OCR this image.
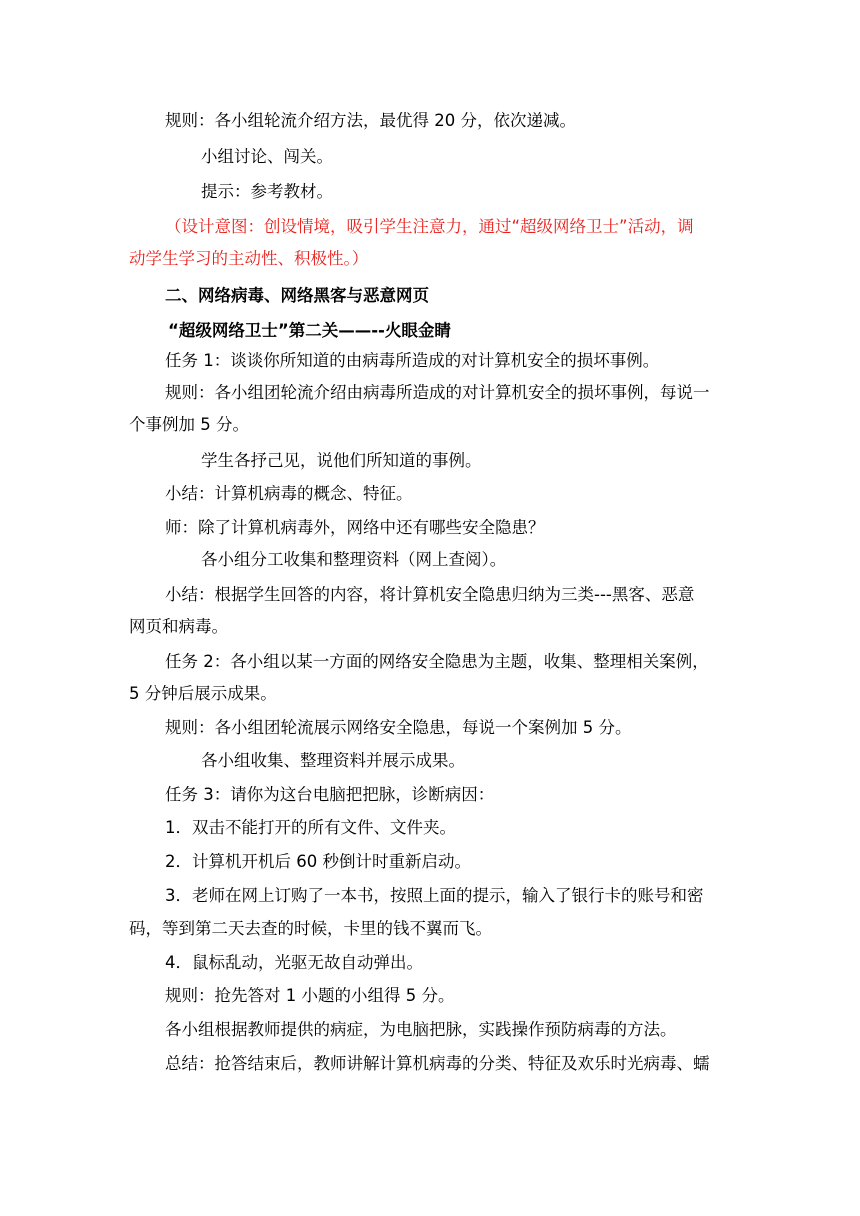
规则：各小组轮流介绍方法，最优得 20 分，依次递减。
小组讨论、闯关。
提示：参考教材。
（设计意图：创设情境，吸引学生注意力，通过“超级网络卫士”活动，调
动学生学习的主动性、积极性。）
二、网络病毒、网络黑客与恶意网页
“超级网络卫士”第二关——--火眼金睛
任务 1：谈谈你所知道的由病毒所造成的对计算机安全的损坏事例。
规则：各小组团轮流介绍由病毒所造成的对计算机安全的损坏事例，每说一
个事例加 5 分。
学生各抒己见，说他们所知道的事例。
小结：计算机病毒的概念、特征。
师：除了计算机病毒外，网络中还有哪些安全隐患？
各小组分工收集和整理资料（网上查阅）。
小结：根据学生回答的内容，将计算机安全隐患归纳为三类---黑客、恶意
网页和病毒。
任务 2：各小组以某一方面的网络安全隐患为主题，收集、整理相关案例，
5 分钟后展示成果。
规则：各小组团轮流展示网络安全隐患，每说一个案例加 5 分。
各小组收集、整理资料并展示成果。
任务 3：请你为这台电脑把把脉，诊断病因：
1．双击不能打开的所有文件、文件夹。
2．计算机开机后 60 秒倒计时重新启动。
3．老师在网上订购了一本书，按照上面的提示，输入了银行卡的账号和密
码，等到第二天去查的时候，卡里的钱不翼而飞。
4．鼠标乱动，光驱无故自动弹出。
规则：抢先答对 1 小题的小组得 5 分。
各小组根据教师提供的病症，为电脑把脉，实践操作预防病毒的方法。
总结：抢答结束后，教师讲解计算机病毒的分类、特征及欢乐时光病毒、蠕
